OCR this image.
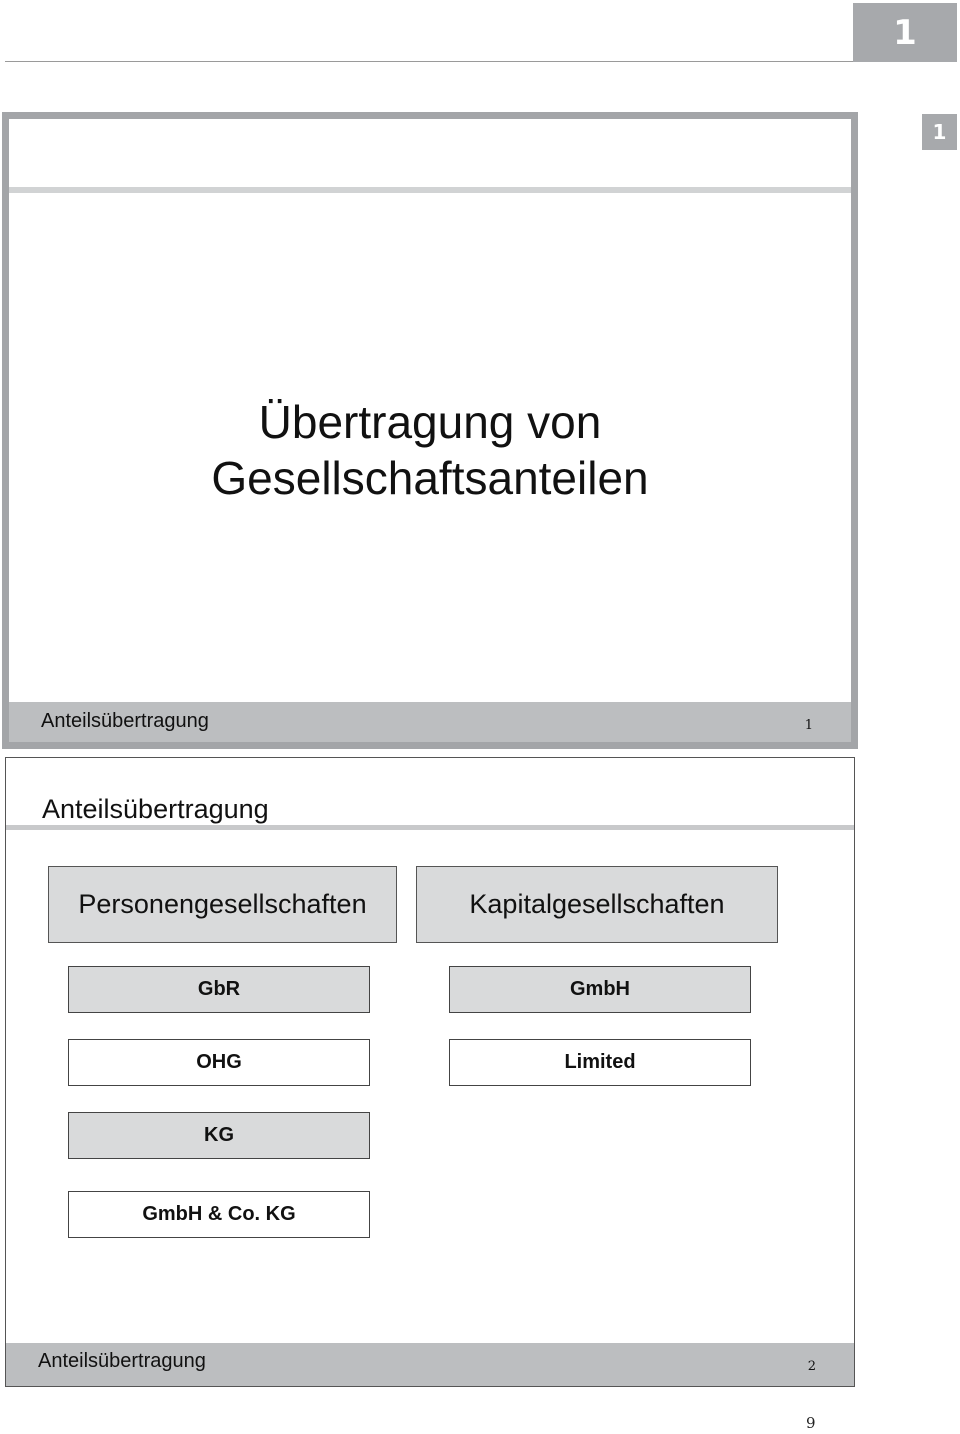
1
1
Übertragung von
Gesellschaftsanteilen
Anteilsübertragung	1
Anteilsübertragung
Personengesellschaften	Kapitalgesellschaften
GbR
OHG
KG
GmbH & Co. KG
GmbH
Limited
Anteilsübertragung	2
9
